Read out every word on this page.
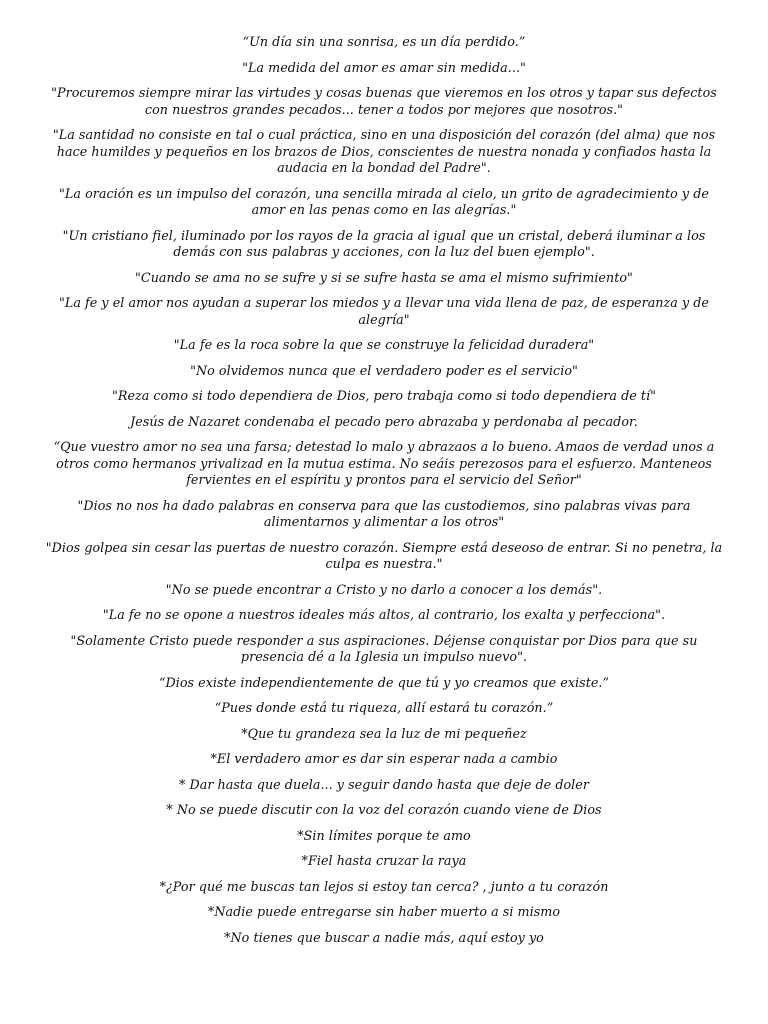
“Un día sin una sonrisa, es un día perdido.”

"La medida del amor es amar sin medida..."

"Procuremos siempre mirar las virtudes y cosas buenas que vieremos en los otros y tapar sus defectos con nuestros grandes pecados... tener a todos por mejores que nosotros."

"La santidad no consiste en tal o cual práctica, sino en una disposición del corazón (del alma) que nos hace humildes y pequeños en los brazos de Dios, conscientes de nuestra nonada y confiados hasta la audacia en la bondad del Padre".

"La oración es un impulso del corazón, una sencilla mirada al cielo, un grito de agradecimiento y de amor en las penas como en las alegrías."

"Un cristiano fiel, iluminado por los rayos de la gracia al igual que un cristal, deberá iluminar a los demás con sus palabras y acciones, con la luz del buen ejemplo".

"Cuando se ama no se sufre y si se sufre hasta se ama el mismo sufrimiento"

"La fe y el amor nos ayudan a superar los miedos y a llevar una vida llena de paz, de esperanza y de alegría"

"La fe es la roca sobre la que se construye la felicidad duradera"

"No olvidemos nunca que el verdadero poder es el servicio"

"Reza como si todo dependiera de Dios, pero trabaja como si todo dependiera de tí"

Jesús de Nazaret condenaba el pecado pero abrazaba y perdonaba al pecador.

“Que vuestro amor no sea una farsa; detestad lo malo y abrazaos a lo bueno. Amaos de verdad unos a otros como hermanos yrivalizad en la mutua estima. No seáis perezosos para el esfuerzo. Manteneos fervientes en el espíritu y prontos para el servicio del Señor"

"Dios no nos ha dado palabras en conserva para que las custodiemos, sino palabras vivas para alimentarnos y alimentar a los otros"

"Dios golpea sin cesar las puertas de nuestro corazón. Siempre está deseoso de entrar. Si no penetra, la culpa es nuestra."

"No se puede encontrar a Cristo y no darlo a conocer a los demás".

"La fe no se opone a nuestros ideales más altos, al contrario, los exalta y perfecciona".

"Solamente Cristo puede responder a sus aspiraciones. Déjense conquistar por Dios para que su presencia dé a la Iglesia un impulso nuevo".

“Dios existe independientemente de que tú y yo creamos que existe.”

“Pues donde está tu riqueza, allí estará tu corazón.”

*Que tu grandeza sea la luz de mi pequeñez

*El verdadero amor es dar sin esperar nada a cambio

* Dar hasta que duela... y seguir dando hasta que deje de doler

* No se puede discutir con la voz del corazón cuando viene de Dios

*Sin límites porque te amo

*Fiel hasta cruzar la raya

*¿Por qué me buscas tan lejos si estoy tan cerca? , junto a tu corazón

*Nadie puede entregarse sin haber muerto a si mismo

*No tienes que buscar a nadie más, aquí estoy yo
